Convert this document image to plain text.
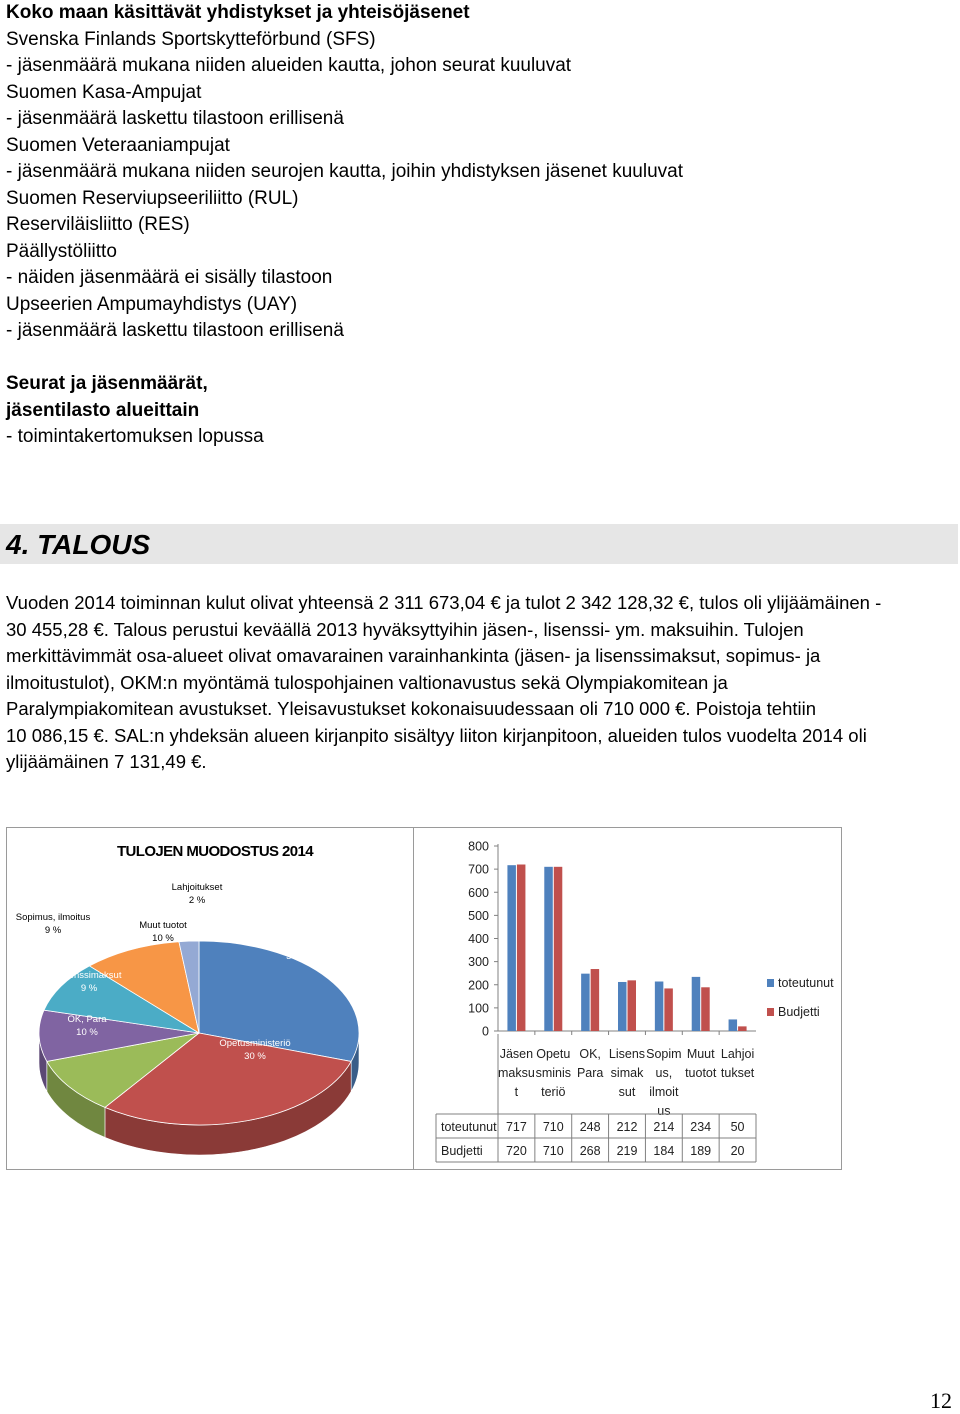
Koko maan käsittävät yhdistykset ja yhteisöjäsenet
Svenska Finlands Sportskytteförbund (SFS)
- jäsenmäärä mukana niiden alueiden kautta, johon seurat kuuluvat
Suomen Kasa-Ampujat
- jäsenmäärä laskettu tilastoon erillisenä
Suomen Veteraaniampujat
- jäsenmäärä mukana niiden seurojen kautta, joihin yhdistyksen jäsenet kuuluvat
Suomen Reserviupseeriliitto (RUL)
Reserviläisliitto (RES)
Päällystöliitto
- näiden jäsenmäärä ei sisälly tilastoon
Upseerien Ampumayhdistys (UAY)
- jäsenmäärä laskettu tilastoon erillisenä
Seurat ja jäsenmäärät,
jäsentilasto alueittain
- toimintakertomuksen lopussa
4. TALOUS
Vuoden 2014 toiminnan kulut olivat yhteensä 2 311 673,04 € ja tulot 2 342 128,32 €, tulos oli ylijäämäinen -
30 455,28 €. Talous perustui keväällä 2013 hyväksyttyihin jäsen-, lisenssi- ym. maksuihin. Tulojen
merkittävimmät osa-alueet olivat omavarainen varainhankinta (jäsen- ja lisenssimaksut, sopimus- ja
ilmoitustulot), OKM:n myöntämä tulospohjainen valtionavustus sekä Olympiakomitean ja
Paralympiakomitean avustukset. Yleisavustukset kokonaisuudessaan oli 710 000 €. Poistoja tehtiin
10 086,15 €. SAL:n yhdeksän alueen kirjanpito sisältyy liiton kirjanpitoon, alueiden tulos vuodelta 2014 oli
ylijäämäinen 7 131,49 €.
TULOJEN MUODOSTUS 2014
Jäsenmaksut
30 %
Opetusministeriö
30 %
OK, Para
10 %
Lisenssimaksut
9 %
Sopimus, ilmoitus
9 %	Muut tuotot
10 %
Lahjoitukset
2 %
0
100
200
300
400
500
600
700
800
Jäsen
maksu
t
Opetu
sminis
teriö
OK,
Para
Lisens
simak
sut
Sopim
us,
ilmoit
us
Muut
tuotot
Lahjoi
tukset
toteutunut
Budjetti
toteutunut 717 710 248 212 214 234 50
Budjetti 720 710 268 219 184 189 20
12
